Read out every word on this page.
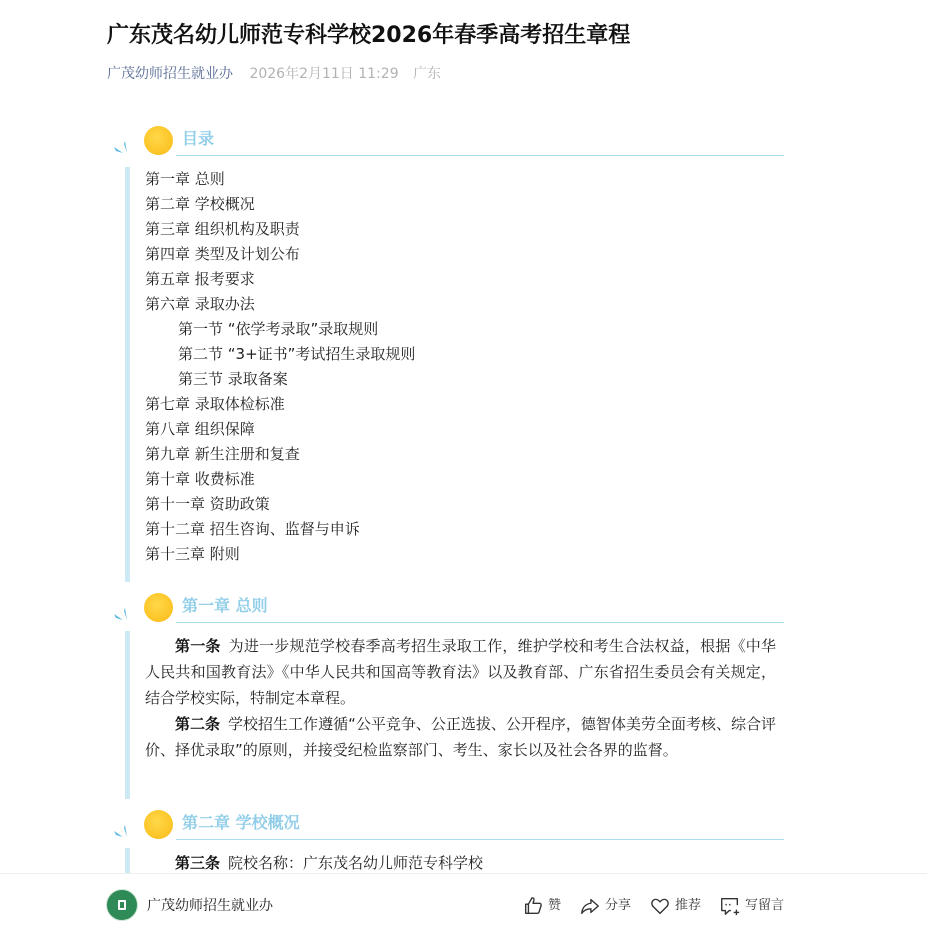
广东茂名幼儿师范专科学校2026年春季高考招生章程
广茂幼师招生就业办 2026年2月11日 11:29 广东
目录
第一章 总则
第二章 学校概况
第三章 组织机构及职责
第四章 类型及计划公布
第五章 报考要求
第六章 录取办法
第一节 “依学考录取”录取规则
第二节 “3+证书”考试招生录取规则
第三节 录取备案
第七章 录取体检标准
第八章 组织保障
第九章 新生注册和复查
第十章 收费标准
第十一章 资助政策
第十二章 招生咨询、监督与申诉
第十三章 附则
第一章 总则

第一条 为进一步规范学校春季高考招生录取工作，维护学校和考生合法权益，根据《中华人民共和国教育法》《中华人民共和国高等教育法》以及教育部、广东省招生委员会有关规定，结合学校实际，特制定本章程。

第二条 学校招生工作遵循“公平竞争、公正选拔、公开程序，德智体美劳全面考核、综合评价、择优录取”的原则，并接受纪检监察部门、考生、家长以及社会各界的监督。

第二章 学校概况

第三条 院校名称：广东茂名幼儿师范专科学校

广茂幼师招生就业办	赞	分享	推荐	写留言
